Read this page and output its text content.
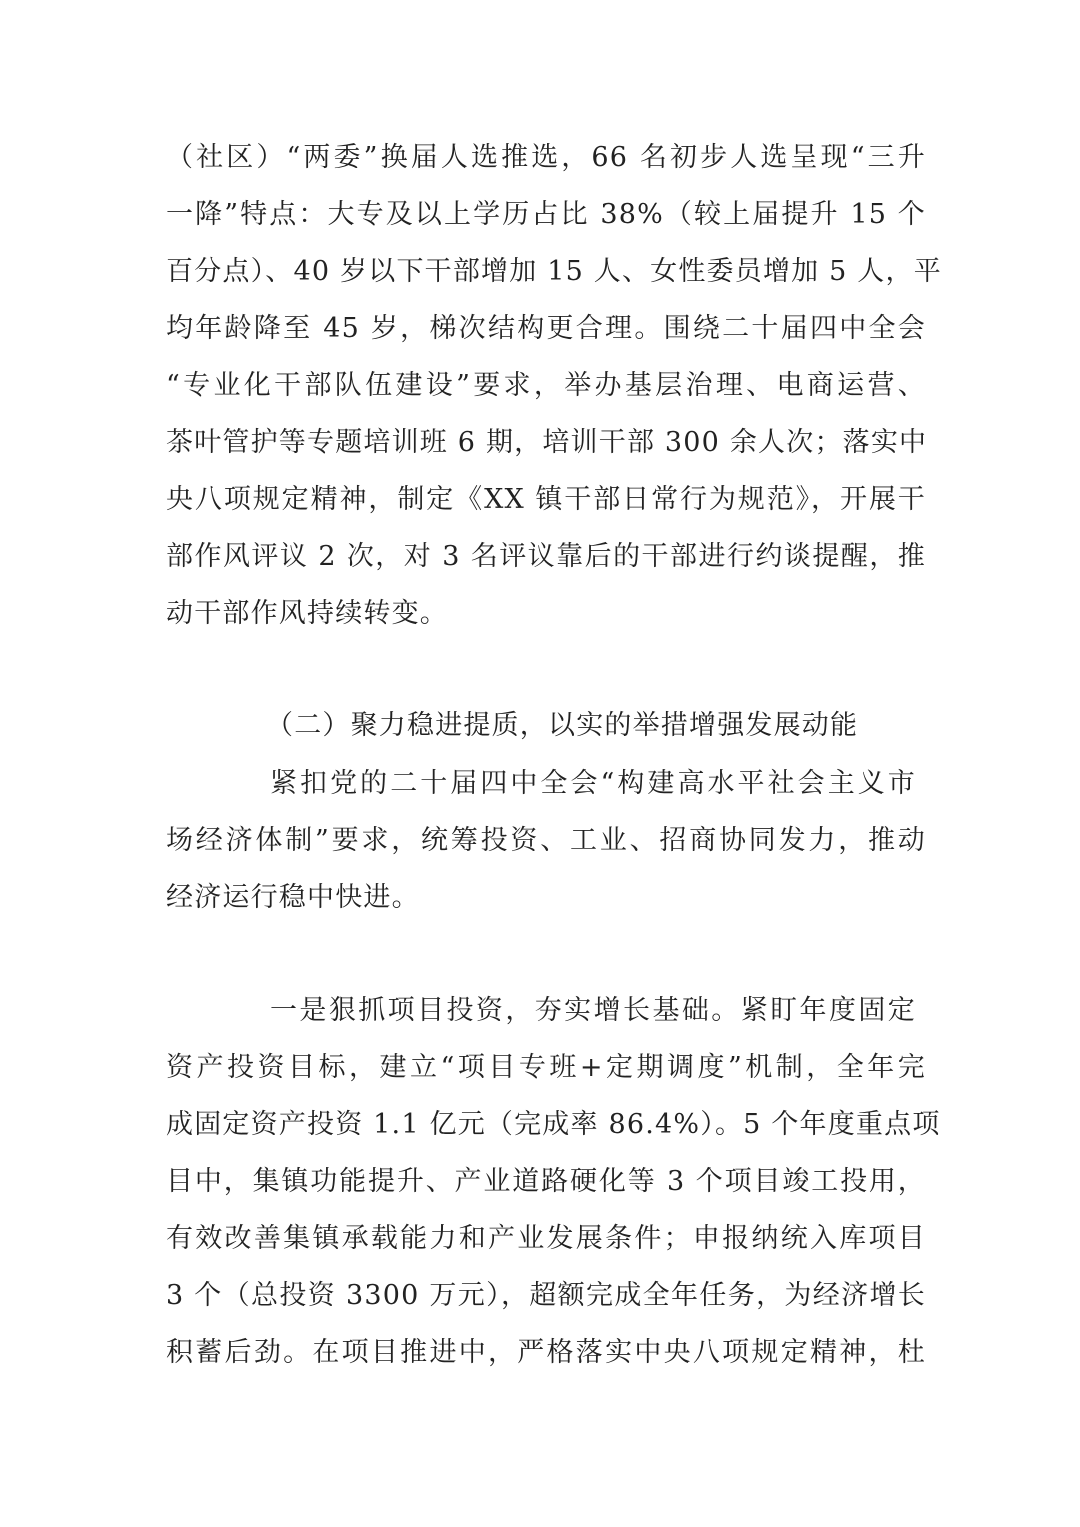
（社区）“两委”换届人选推选，66 名初步人选呈现“三升
一降”特点：大专及以上学历占比 38%（较上届提升 15 个
百分点）、40 岁以下干部增加 15 人、女性委员增加 5 人，平
均年龄降至 45 岁，梯次结构更合理。围绕二十届四中全会
“专业化干部队伍建设”要求，举办基层治理、电商运营、
茶叶管护等专题培训班 6 期，培训干部 300 余人次；落实中
央八项规定精神，制定《XX 镇干部日常行为规范》，开展干
部作风评议 2 次，对 3 名评议靠后的干部进行约谈提醒，推
动干部作风持续转变。
（二）聚力稳进提质，以实的举措增强发展动能
紧扣党的二十届四中全会“构建高水平社会主义市
场经济体制”要求，统筹投资、工业、招商协同发力，推动
经济运行稳中快进。
一是狠抓项目投资，夯实增长基础。紧盯年度固定
资产投资目标，建立“项目专班+定期调度”机制，全年完
成固定资产投资 1.1 亿元（完成率 86.4%）。5 个年度重点项
目中，集镇功能提升、产业道路硬化等 3 个项目竣工投用，
有效改善集镇承载能力和产业发展条件；申报纳统入库项目
3 个（总投资 3300 万元），超额完成全年任务，为经济增长
积蓄后劲。在项目推进中，严格落实中央八项规定精神，杜
